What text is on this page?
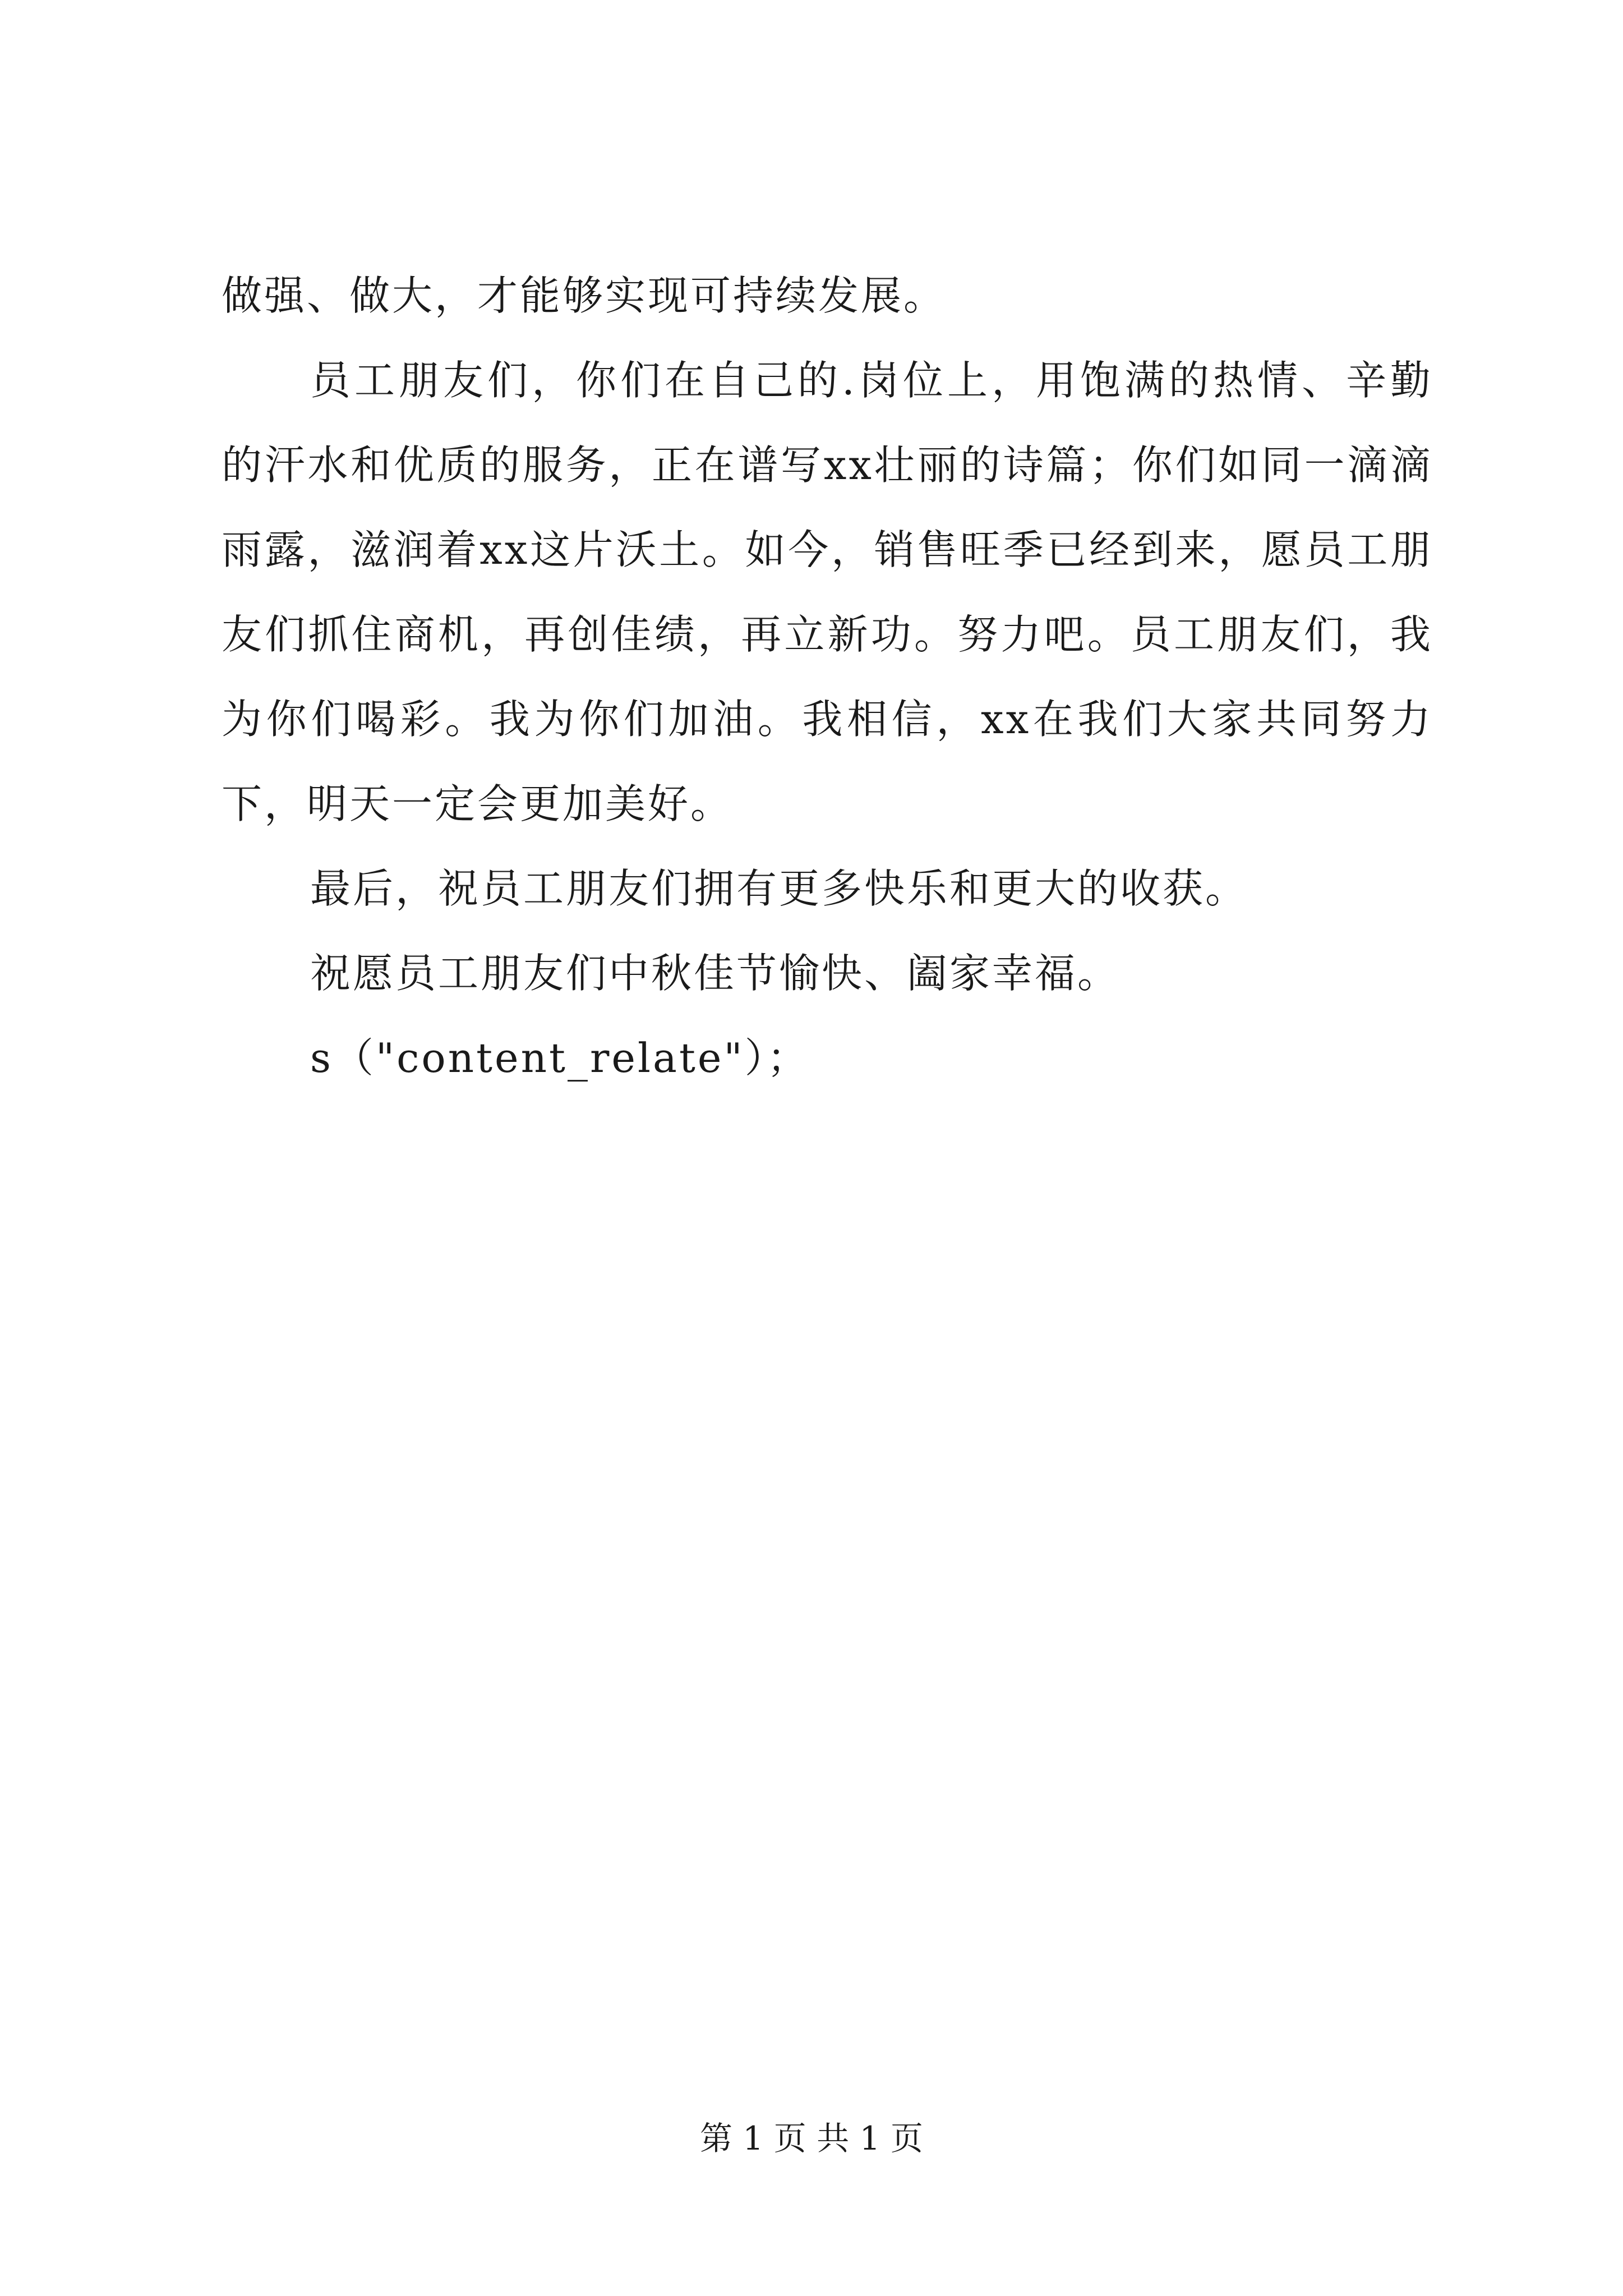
做强、做大，才能够实现可持续发展。

员工朋友们，你们在自己的.岗位上，用饱满的热情、辛勤的汗水和优质的服务，正在谱写xx壮丽的诗篇；你们如同一滴滴雨露，滋润着xx这片沃土。如今，销售旺季已经到来，愿员工朋友们抓住商机，再创佳绩，再立新功。努力吧。员工朋友们，我为你们喝彩。我为你们加油。我相信，xx在我们大家共同努力下，明天一定会更加美好。

最后，祝员工朋友们拥有更多快乐和更大的收获。

祝愿员工朋友们中秋佳节愉快、阖家幸福。

s（"content_relate"）；

第 1 页 共 1 页
